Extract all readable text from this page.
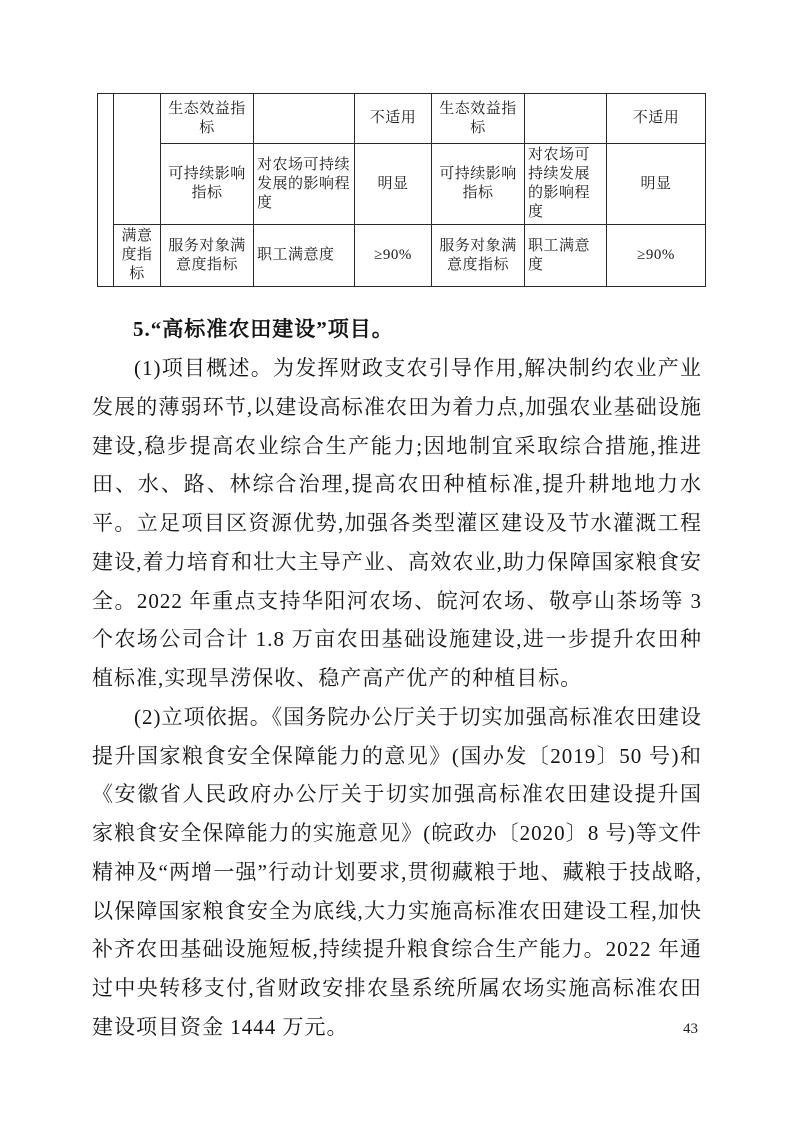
		生态效益指标		不适用	生态效益指标		不适用
		可持续影响指标	对农场可持续发展的影响程度	明显	可持续影响指标	对农场可持续发展的影响程度	明显
	满意度指标	服务对象满意度指标	职工满意度	≥90%	服务对象满意度指标	职工满意度	≥90%
5.“高标准农田建设”项目。

(1)项目概述。为发挥财政支农引导作用,解决制约农业产业发展的薄弱环节,以建设高标准农田为着力点,加强农业基础设施建设,稳步提高农业综合生产能力;因地制宜采取综合措施,推进田、水、路、林综合治理,提高农田种植标准,提升耕地地力水平。立足项目区资源优势,加强各类型灌区建设及节水灌溉工程建设,着力培育和壮大主导产业、高效农业,助力保障国家粮食安全。2022 年重点支持华阳河农场、皖河农场、敬亭山茶场等 3 个农场公司合计 1.8 万亩农田基础设施建设,进一步提升农田种植标准,实现旱涝保收、稳产高产优产的种植目标。

(2)立项依据。《国务院办公厅关于切实加强高标准农田建设提升国家粮食安全保障能力的意见》(国办发〔2019〕50 号)和《安徽省人民政府办公厅关于切实加强高标准农田建设提升国家粮食安全保障能力的实施意见》(皖政办〔2020〕8 号)等文件精神及“两增一强”行动计划要求,贯彻藏粮于地、藏粮于技战略,以保障国家粮食安全为底线,大力实施高标准农田建设工程,加快补齐农田基础设施短板,持续提升粮食综合生产能力。2022 年通过中央转移支付,省财政安排农垦系统所属农场实施高标准农田建设项目资金 1444 万元。	43
